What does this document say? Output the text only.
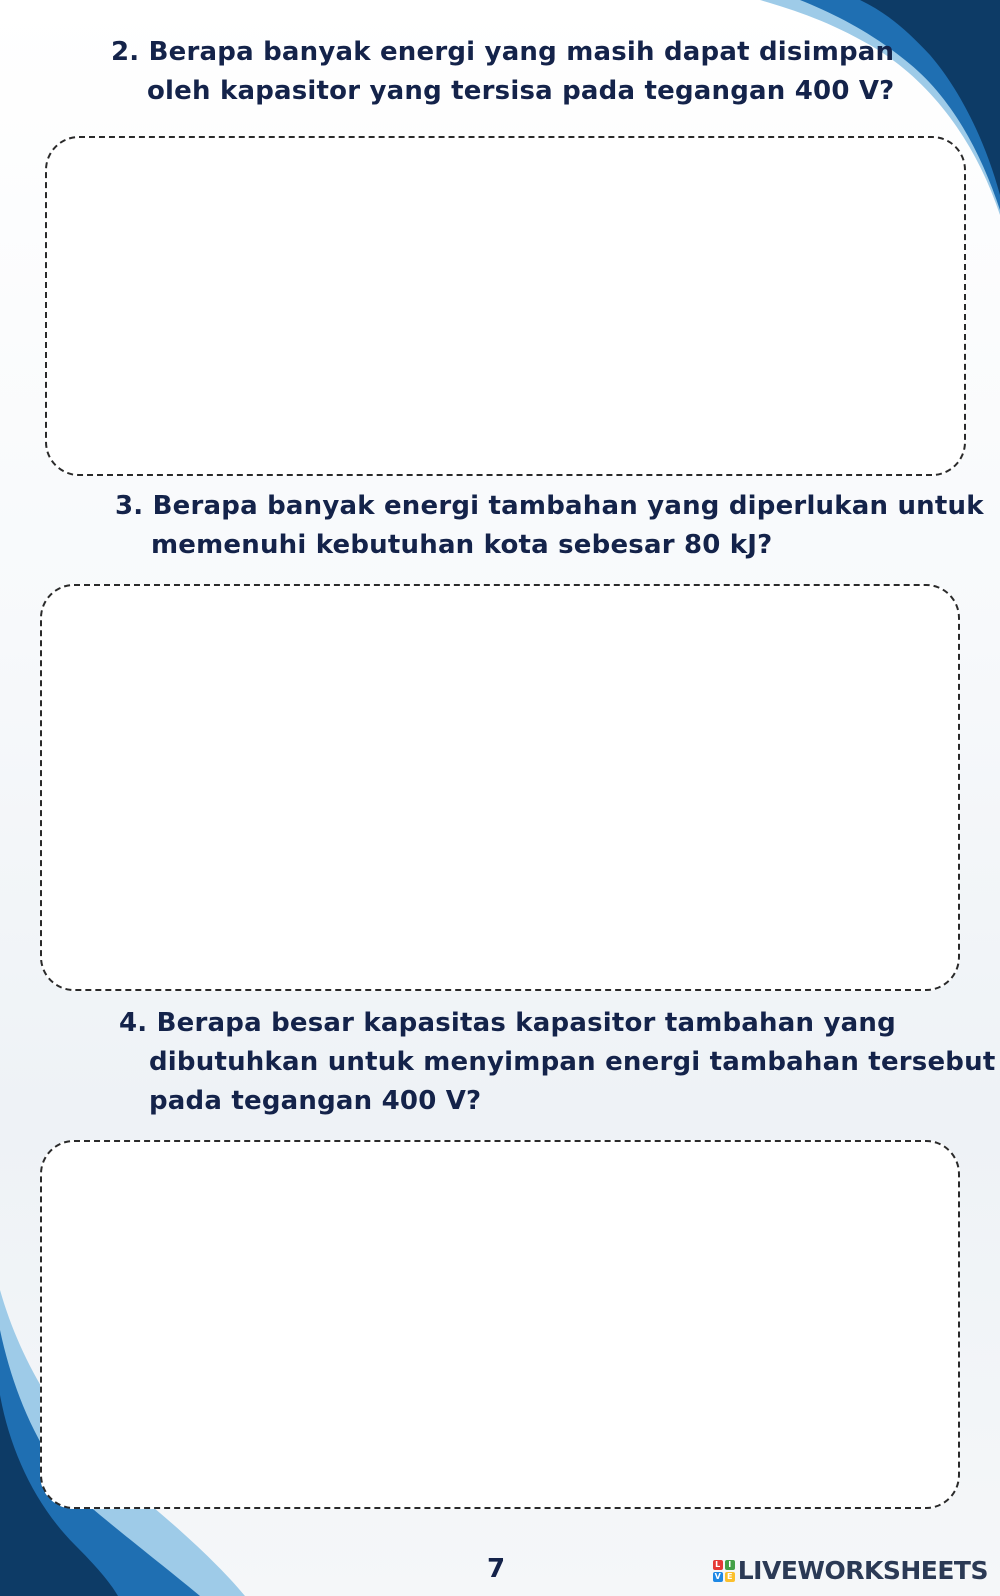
2. Berapa banyak energi yang masih dapat disimpan
oleh kapasitor yang tersisa pada tegangan 400 V?
3. Berapa banyak energi tambahan yang diperlukan untuk
memenuhi kebutuhan kota sebesar 80 kJ?
4. Berapa besar kapasitas kapasitor tambahan yang
dibutuhkan untuk menyimpan energi tambahan tersebut
pada tegangan 400 V?
7	L I
V E LIVEWORKSHEETS
